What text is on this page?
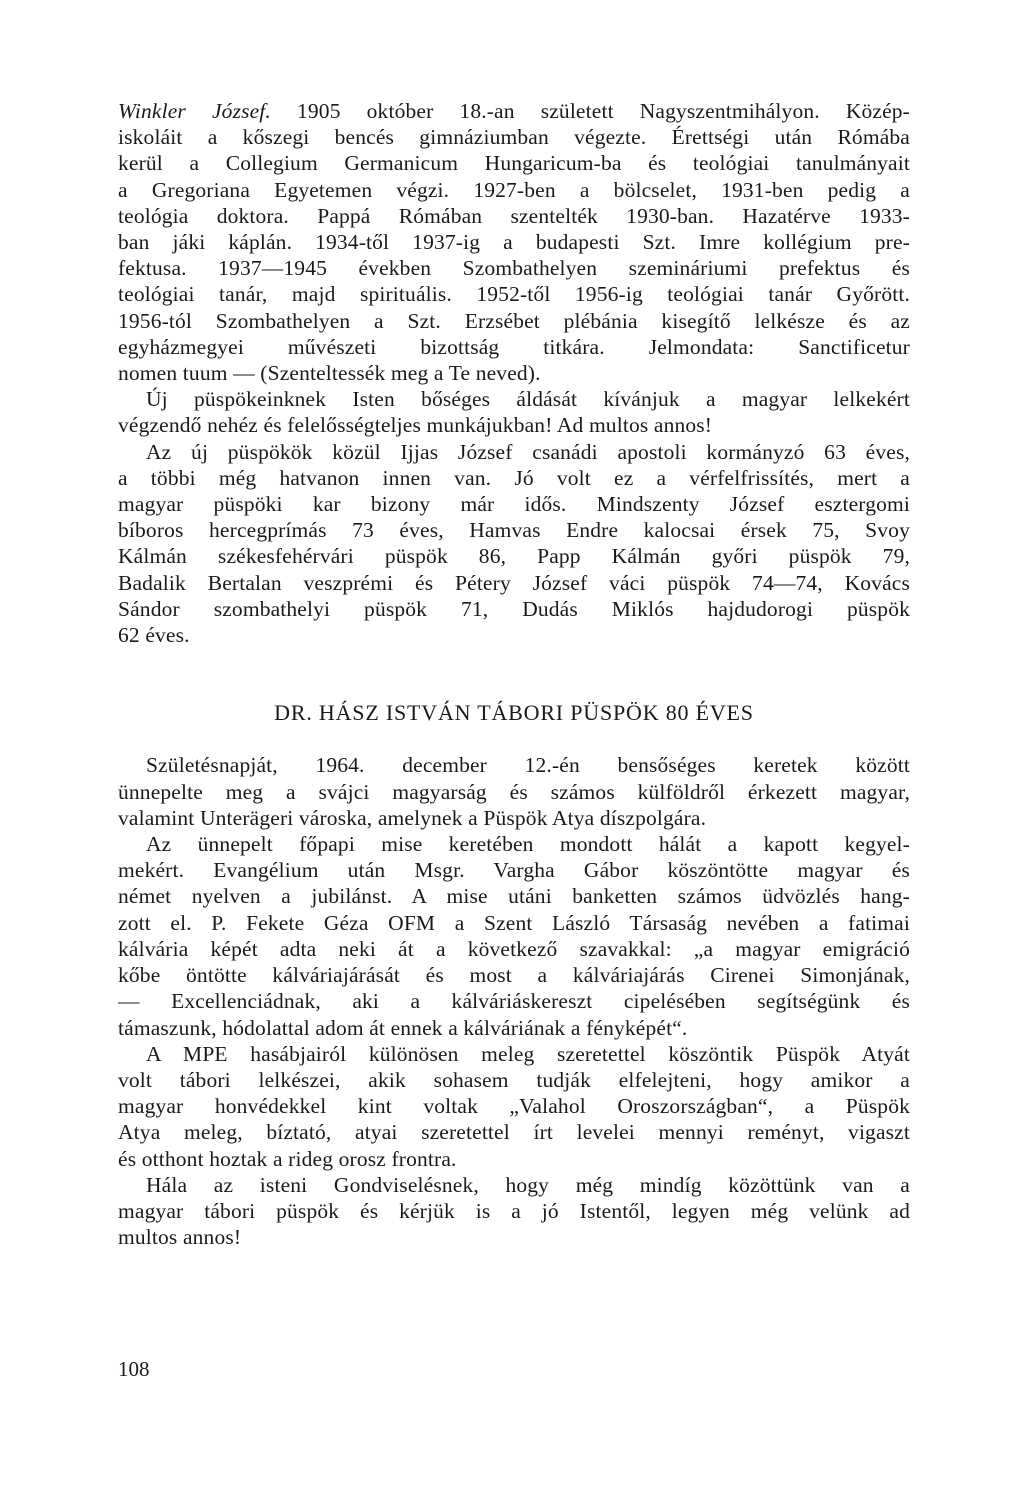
Winkler József. 1905 október 18.-an született Nagyszentmihályon. Közép-
iskoláit a kőszegi bencés gimnáziumban végezte. Érettségi után Rómába
kerül a Collegium Germanicum Hungaricum-ba és teológiai tanulmányait
a Gregoriana Egyetemen végzi. 1927-ben a bölcselet, 1931-ben pedig a
teológia doktora. Pappá Rómában szentelték 1930-ban. Hazatérve 1933-
ban jáki káplán. 1934-től 1937-ig a budapesti Szt. Imre kollégium pre-
fektusa. 1937—1945 években Szombathelyen szemináriumi prefektus és
teológiai tanár, majd spirituális. 1952-től 1956-ig teológiai tanár Győrött.
1956-tól Szombathelyen a Szt. Erzsébet plébánia kisegítő lelkésze és az
egyházmegyei művészeti bizottság titkára. Jelmondata: Sanctificetur
nomen tuum — (Szenteltessék meg a Te neved).
Új püspökeinknek Isten bőséges áldását kívánjuk a magyar lelkekért
végzendő nehéz és felelősségteljes munkájukban! Ad multos annos!
Az új püspökök közül Ijjas József csanádi apostoli kormányzó 63 éves,
a többi még hatvanon innen van. Jó volt ez a vérfelfrissítés, mert a
magyar püspöki kar bizony már idős. Mindszenty József esztergomi
bíboros hercegprímás 73 éves, Hamvas Endre kalocsai érsek 75, Svoy
Kálmán székesfehérvári püspök 86, Papp Kálmán győri püspök 79,
Badalik Bertalan veszprémi és Pétery József váci püspök 74—74, Kovács
Sándor szombathelyi püspök 71, Dudás Miklós hajdudorogi püspök
62 éves.
DR. HÁSZ ISTVÁN TÁBORI PÜSPÖK 80 ÉVES
Születésnapját, 1964. december 12.-én bensőséges keretek között
ünnepelte meg a svájci magyarság és számos külföldről érkezett magyar,
valamint Unterägeri városka, amelynek a Püspök Atya díszpolgára.
Az ünnepelt főpapi mise keretében mondott hálát a kapott kegyel-
mekért. Evangélium után Msgr. Vargha Gábor köszöntötte magyar és
német nyelven a jubilánst. A mise utáni banketten számos üdvözlés hang-
zott el. P. Fekete Géza OFM a Szent László Társaság nevében a fatimai
kálvária képét adta neki át a következő szavakkal: „a magyar emigráció
kőbe öntötte kálváriajárását és most a kálváriajárás Cirenei Simonjának,
— Excellenciádnak, aki a kálváriáskereszt cipelésében segítségünk és
támaszunk, hódolattal adom át ennek a kálváriának a fényképét“.
A MPE hasábjairól különösen meleg szeretettel köszöntik Püspök Atyát
volt tábori lelkészei, akik sohasem tudják elfelejteni, hogy amikor a
magyar honvédekkel kint voltak „Valahol Oroszországban“, a Püspök
Atya meleg, bíztató, atyai szeretettel írt levelei mennyi reményt, vigaszt
és otthont hoztak a rideg orosz frontra.
Hála az isteni Gondviselésnek, hogy még mindíg közöttünk van a
magyar tábori püspök és kérjük is a jó Istentől, legyen még velünk ad
multos annos!
108
